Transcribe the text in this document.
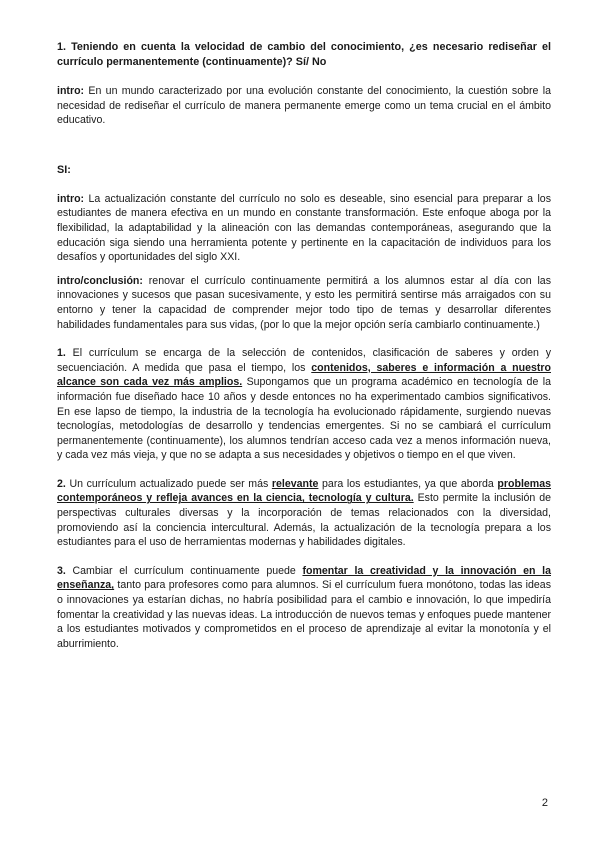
1. Teniendo en cuenta la velocidad de cambio del conocimiento, ¿es necesario rediseñar el currículo permanentemente (continuamente)? Sí/ No

intro: En un mundo caracterizado por una evolución constante del conocimiento, la cuestión sobre la necesidad de rediseñar el currículo de manera permanente emerge como un tema crucial en el ámbito educativo.

SI:

intro: La actualización constante del currículo no solo es deseable, sino esencial para preparar a los estudiantes de manera efectiva en un mundo en constante transformación. Este enfoque aboga por la flexibilidad, la adaptabilidad y la alineación con las demandas contemporáneas, asegurando que la educación siga siendo una herramienta potente y pertinente en la capacitación de individuos para los desafíos y oportunidades del siglo XXI.

intro/conclusión: renovar el currículo continuamente permitirá a los alumnos estar al día con las innovaciones y sucesos que pasan sucesivamente, y esto les permitirá sentirse más arraigados con su entorno y tener la capacidad de comprender mejor todo tipo de temas y desarrollar diferentes habilidades fundamentales para sus vidas, (por lo que la mejor opción sería cambiarlo continuamente.)

1. El currículum se encarga de la selección de contenidos, clasificación de saberes y orden y secuenciación. A medida que pasa el tiempo, los contenidos, saberes e información a nuestro alcance son cada vez más amplios. Supongamos que un programa académico en tecnología de la información fue diseñado hace 10 años y desde entonces no ha experimentado cambios significativos. En ese lapso de tiempo, la industria de la tecnología ha evolucionado rápidamente, surgiendo nuevas tecnologías, metodologías de desarrollo y tendencias emergentes. Si no se cambiará el currículum permanentemente (continuamente), los alumnos tendrían acceso cada vez a menos información nueva, y cada vez más vieja, y que no se adapta a sus necesidades y objetivos o tiempo en el que viven.

2. Un currículum actualizado puede ser más relevante para los estudiantes, ya que aborda problemas contemporáneos y refleja avances en la ciencia, tecnología y cultura. Esto permite la inclusión de perspectivas culturales diversas y la incorporación de temas relacionados con la diversidad, promoviendo así la conciencia intercultural. Además, la actualización de la tecnología prepara a los estudiantes para el uso de herramientas modernas y habilidades digitales.

3. Cambiar el currículum continuamente puede fomentar la creatividad y la innovación en la enseñanza, tanto para profesores como para alumnos. Si el currículum fuera monótono, todas las ideas o innovaciones ya estarían dichas, no habría posibilidad para el cambio e innovación, lo que impediría fomentar la creatividad y las nuevas ideas. La introducción de nuevos temas y enfoques puede mantener a los estudiantes motivados y comprometidos en el proceso de aprendizaje al evitar la monotonía y el aburrimiento.

2
